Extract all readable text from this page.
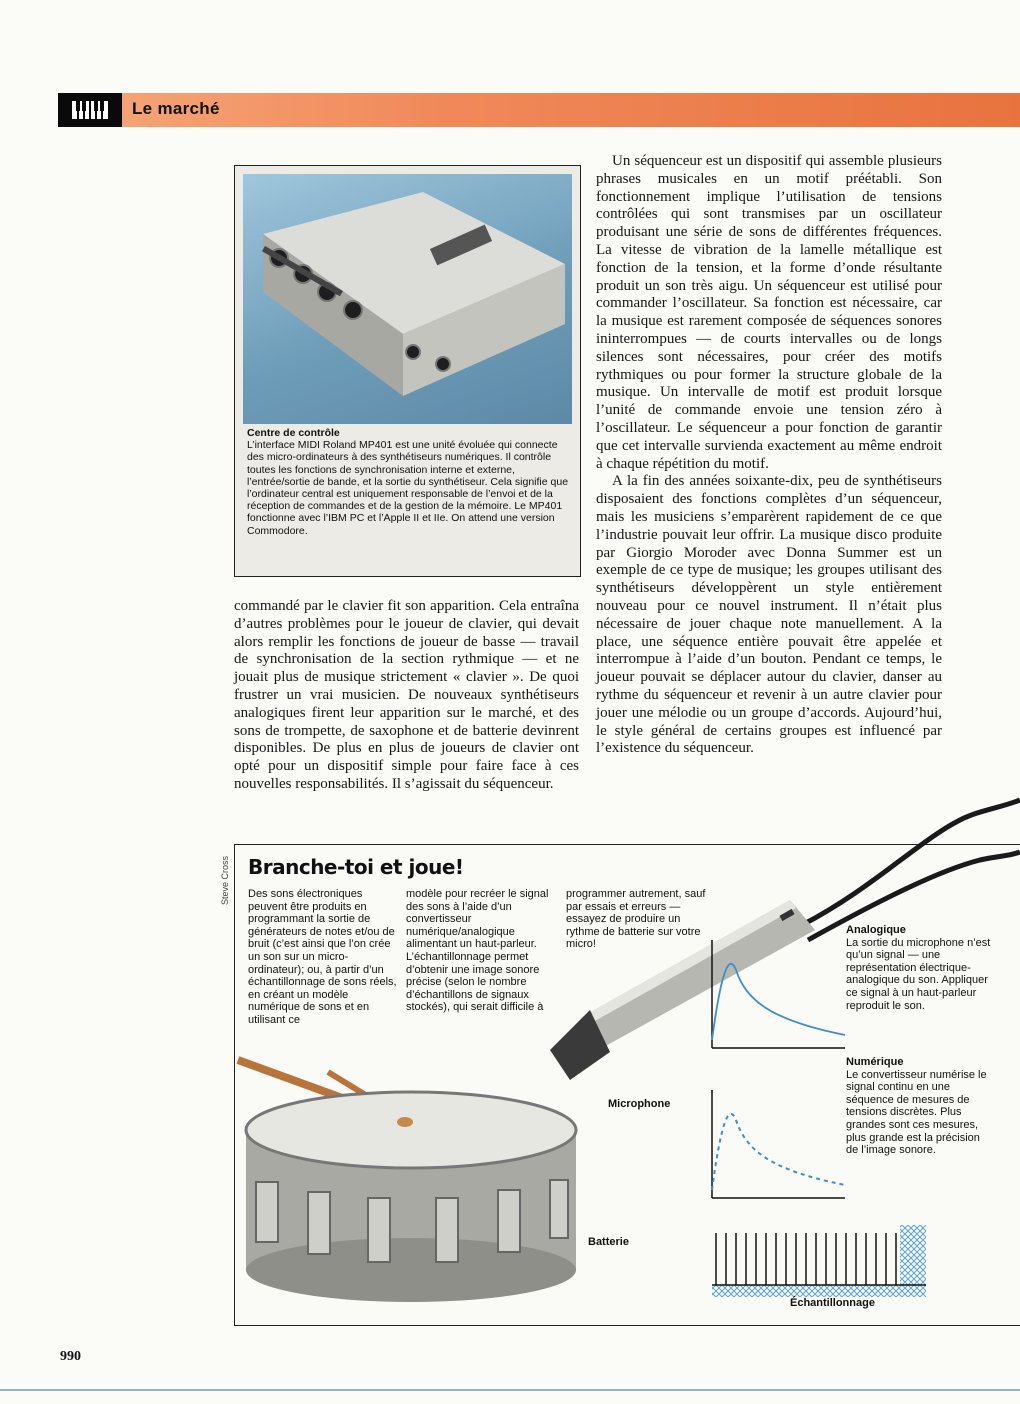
Le marché
Centre de contrôle
L’interface MIDI Roland MP401 est une unité évoluée qui connecte des micro-ordinateurs à des synthétiseurs numériques. Il contrôle toutes les fonctions de synchronisation interne et externe, l’entrée/sortie de bande, et la sortie du synthétiseur. Cela signifie que l’ordinateur central est uniquement responsable de l’envoi et de la réception de commandes et de la gestion de la mémoire. Le MP401 fonctionne avec l’IBM PC et l’Apple II et IIe. On attend une version Commodore.

commandé par le clavier fit son apparition. Cela entraîna d’autres problèmes pour le joueur de clavier, qui devait alors remplir les fonctions de joueur de basse — travail de synchronisation de la section rythmique — et ne jouait plus de musique strictement « clavier ». De quoi frustrer un vrai musicien. De nouveaux synthétiseurs analogiques firent leur apparition sur le marché, et des sons de trompette, de saxophone et de batterie devinrent disponibles. De plus en plus de joueurs de clavier ont opté pour un dispositif simple pour faire face à ces nouvelles responsabilités. Il s’agissait du séquenceur.

Un séquenceur est un dispositif qui assemble plusieurs phrases musicales en un motif préétabli. Son fonctionnement implique l’utilisation de tensions contrôlées qui sont transmises par un oscillateur produisant une série de sons de différentes fréquences. La vitesse de vibration de la lamelle métallique est fonction de la tension, et la forme d’onde résultante produit un son très aigu. Un séquenceur est utilisé pour commander l’oscillateur. Sa fonction est nécessaire, car la musique est rarement composée de séquences sonores ininterrompues — de courts intervalles ou de longs silences sont nécessaires, pour créer des motifs rythmiques ou pour former la structure globale de la musique. Un intervalle de motif est produit lorsque l’unité de commande envoie une tension zéro à l’oscillateur. Le séquenceur a pour fonction de garantir que cet intervalle survienda exactement au même endroit à chaque répétition du motif.

A la fin des années soixante-dix, peu de synthétiseurs disposaient des fonctions complètes d’un séquenceur, mais les musiciens s’emparèrent rapidement de ce que l’industrie pouvait leur offrir. La musique disco produite par Giorgio Moroder avec Donna Summer est un exemple de ce type de musique; les groupes utilisant des synthétiseurs développèrent un style entièrement nouveau pour ce nouvel instrument. Il n’était plus nécessaire de jouer chaque note manuellement. A la place, une séquence entière pouvait être appelée et interrompue à l’aide d’un bouton. Pendant ce temps, le joueur pouvait se déplacer autour du clavier, danser au rythme du séquenceur et revenir à un autre clavier pour jouer une mélodie ou un groupe d’accords. Aujourd’hui, le style général de certains groupes est influencé par l’existence du séquenceur.

Steve Cross Branche-toi et joue!
Des sons électroniques peuvent être produits en programmant la sortie de générateurs de notes et/ou de bruit (c’est ainsi que l’on crée un son sur un micro-ordinateur); ou, à partir d’un échantillonnage de sons réels, en créant un modèle numérique de sons et en utilisant ce
modèle pour recréer le signal des sons à l’aide d’un convertisseur numérique/analogique alimentant un haut-parleur. L’échantillonnage permet d’obtenir une image sonore précise (selon le nombre d’échantillons de signaux stockés), qui serait difficile à
programmer autrement, sauf par essais et erreurs — essayez de produire un rythme de batterie sur votre micro!
Analogique
La sortie du microphone n’est qu’un signal — une représentation électrique-analogique du son. Appliquer ce signal à un haut-parleur reproduit le son.
Numérique
Le convertisseur numérise le signal continu en une séquence de mesures de tensions discrètes. Plus grandes sont ces mesures, plus grande est la précision de l’image sonore.
Microphone
Batterie
Échantillonnage
990
